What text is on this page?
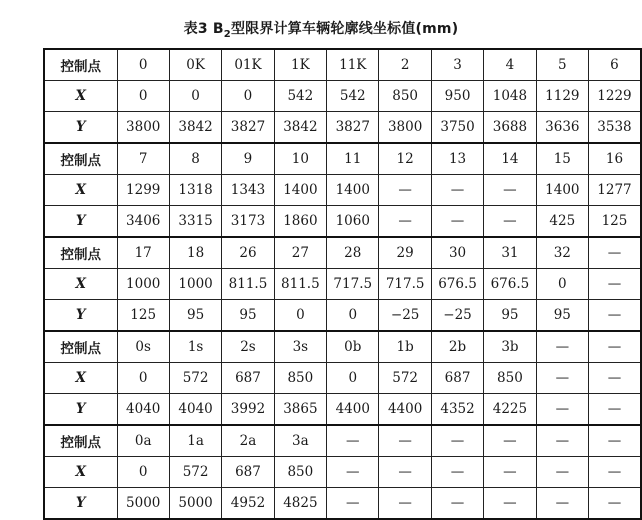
表3 $B_2$型限界计算车辆轮廓线坐标值(mm)
控制点	0	0K	01K	1K	11K	2	3	4	5	6
X	0	0	0	542	542	850	950	1048	1129	1229
Y	3800	3842	3827	3842	3827	3800	3750	3688	3636	3538
控制点	7	8	9	10	11	12	13	14	15	16
X	1299	1318	1343	1400	1400	—	—	—	1400	1277
Y	3406	3315	3173	1860	1060	—	—	—	425	125
控制点	17	18	26	27	28	29	30	31	32	—
X	1000	1000	811.5	811.5	717.5	717.5	676.5	676.5	0	—
Y	125	95	95	0	0	−25	−25	95	95	—
控制点	0s	1s	2s	3s	0b	1b	2b	3b	—	—
X	0	572	687	850	0	572	687	850	—	—
Y	4040	4040	3992	3865	4400	4400	4352	4225	—	—
控制点	0a	1a	2a	3a	—	—	—	—	—	—
X	0	572	687	850	—	—	—	—	—	—
Y	5000	5000	4952	4825	—	—	—	—	—	—
